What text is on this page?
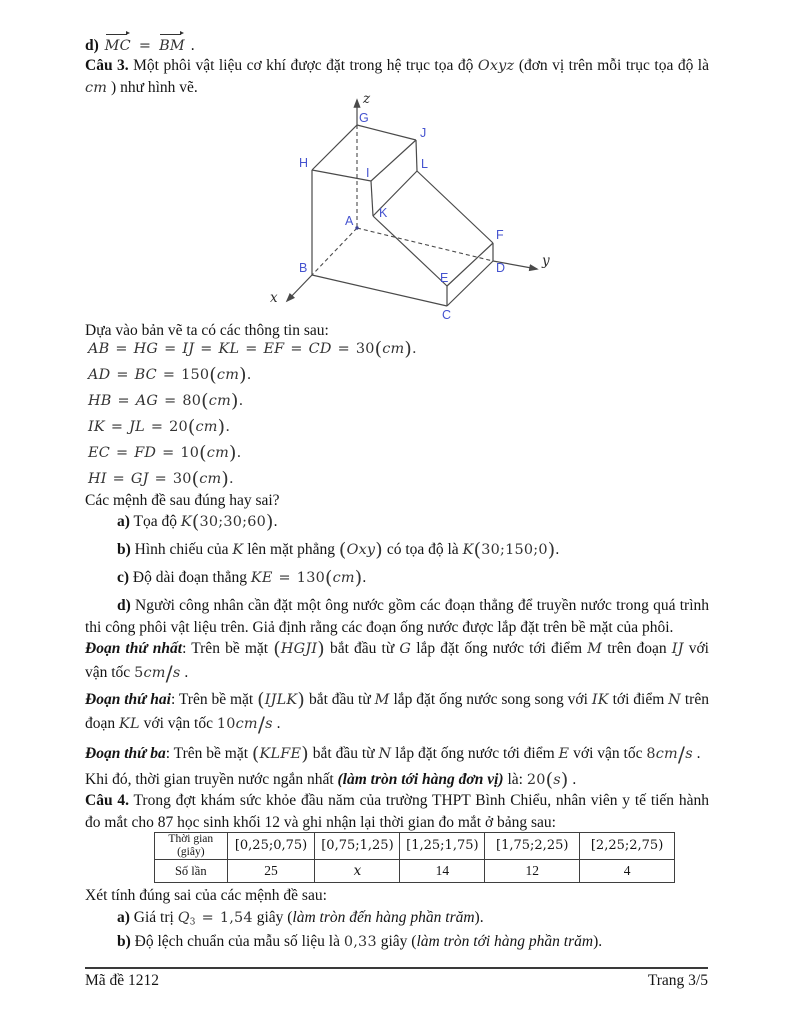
d) MC = BM .
Câu 3. Một phôi vật liệu cơ khí được đặt trong hệ trục tọa độ Oxyz (đơn vị trên mỗi trục tọa độ là cm ) như hình vẽ.
G
J
H
I
L
K
A
F
D
B
E
C
z
x
y
Dựa vào bản vẽ ta có các thông tin sau:
AB = HG = IJ = KL = EF = CD = 30(cm).
AD = BC = 150(cm).
HB = AG = 80(cm).
IK = JL = 20(cm).
EC = FD = 10(cm).
HI = GJ = 30(cm).
Các mệnh đề sau đúng hay sai?
a) Tọa độ K(30;30;60).
b) Hình chiếu của K lên mặt phẳng (Oxy) có tọa độ là K(30;150;0).
c) Độ dài đoạn thẳng KE = 130(cm).
d) Người công nhân cần đặt một ông nước gồm các đoạn thẳng để truyền nước trong quá trình thi công phôi vật liệu trên. Giả định rằng các đoạn ống nước được lắp đặt trên bề mặt của phôi.
Đoạn thứ nhất: Trên bề mặt (HGJI) bắt đầu từ G lắp đặt ống nước tới điểm M trên đoạn IJ với vận tốc 5cm/s .
Đoạn thứ hai: Trên bề mặt (IJLK) bắt đầu từ M lắp đặt ống nước song song với IK tới điểm N trên đoạn KL với vận tốc 10cm/s .
Đoạn thứ ba: Trên bề mặt (KLFE) bắt đầu từ N lắp đặt ống nước tới điểm E với vận tốc 8cm/s .
Khi đó, thời gian truyền nước ngắn nhất (làm tròn tới hàng đơn vị) là: 20(s) .
Câu 4. Trong đợt khám sức khỏe đầu năm của trường THPT Bình Chiểu, nhân viên y tế tiến hành đo mắt cho 87 học sinh khối 12 và ghi nhận lại thời gian đo mắt ở bảng sau:
Thời gian
(giây)	[0,25;0,75)	[0,75;1,25)	[1,25;1,75)	[1,75;2,25)	[2,25;2,75)
Số lần	25	x	14	12	4
Xét tính đúng sai của các mệnh đề sau:
a) Giá trị $Q_3 = 1,54$ giây (làm tròn đến hàng phần trăm).
b) Độ lệch chuẩn của mẫu số liệu là 0,33 giây (làm tròn tới hàng phần trăm).
Mã đề 1212	Trang 3/5
